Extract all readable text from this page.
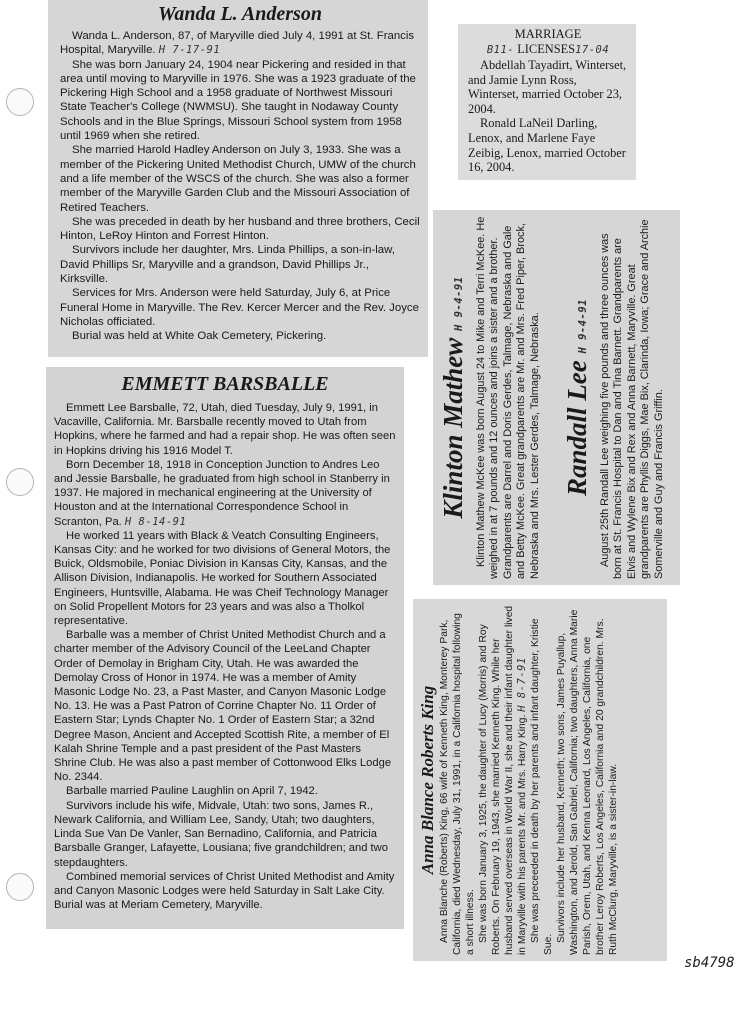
Wanda L. Anderson

Wanda L. Anderson, 87, of Maryville died July 4, 1991 at St. Francis Hospital, Maryville. H 7-17-91

She was born January 24, 1904 near Pickering and resided in that area until moving to Maryville in 1976. She was a 1923 graduate of the Pickering High School and a 1958 graduate of Northwest Missouri State Teacher's College (NWMSU). She taught in Nodaway County Schools and in the Blue Springs, Missouri School system from 1958 until 1969 when she retired.

She married Harold Hadley Anderson on July 3, 1933. She was a member of the Pickering United Methodist Church, UMW of the church and a life member of the WSCS of the church. She was also a former member of the Maryville Garden Club and the Missouri Association of Retired Teachers.

She was preceded in death by her husband and three brothers, Cecil Hinton, LeRoy Hinton and Forrest Hinton.

Survivors include her daughter, Mrs. Linda Phillips, a son-in-law, David Phillips Sr, Maryville and a grandson, David Phillips Jr., Kirksville.

Services for Mrs. Anderson were held Saturday, July 6, at Price Funeral Home in Maryville. The Rev. Kercer Mercer and the Rev. Joyce Nicholas officiated.

Burial was held at White Oak Cemetery, Pickering.

EMMETT BARSBALLE

Emmett Lee Barsballe, 72, Utah, died Tuesday, July 9, 1991, in Vacaville, California. Mr. Barsballe recently moved to Utah from Hopkins, where he farmed and had a repair shop. He was often seen in Hopkins driving his 1916 Model T.

Born December 18, 1918 in Conception Junction to Andres Leo and Jessie Barsballe, he graduated from high school in Stanberry in 1937. He majored in mechanical engineering at the University of Houston and at the International Correspondence School in Scranton, Pa. H 8-14-91

He worked 11 years with Black & Veatch Consulting Engineers, Kansas City: and he worked for two divisions of General Motors, the Buick, Oldsmobile, Poniac Division in Kansas City, Kansas, and the Allison Division, Indianapolis. He worked for Southern Associated Engineers, Huntsville, Alabama. He was Cheif Technology Manager on Solid Propellent Motors for 23 years and was also a Tholkol representative.

Barballe was a member of Christ United Methodist Church and a charter member of the Advisory Council of the LeeLand Chapter Order of Demolay in Brigham City, Utah. He was awarded the Demolay Cross of Honor in 1974. He was a member of Amity Masonic Lodge No. 23, a Past Master, and Canyon Masonic Lodge No. 13. He was a Past Patron of Corrine Chapter No. 11 Order of Eastern Star; Lynds Chapter No. 1 Order of Eastern Star; a 32nd Degree Mason, Ancient and Accepted Scottish Rite, a member of El Kalah Shrine Temple and a past president of the Past Masters Shrine Club. He was also a past member of Cottonwood Elks Lodge No. 2344.

Barballe married Pauline Laughlin on April 7, 1942.

Survivors include his wife, Midvale, Utah: two sons, James R., Newark California, and William Lee, Sandy, Utah; two daughters, Linda Sue Van De Vanler, San Bernadino, California, and Patricia Barsballe Granger, Lafayette, Lousiana; five grandchildren; and two stepdaughters.

Combined memorial services of Christ United Methodist and Amity and Canyon Masonic Lodges were held Saturday in Salt Lake City. Burial was at Meriam Cemetery, Maryville.

MARRIAGE
B11- LICENSES17-04

Abdellah Tayadirt, Winterset, and Jamie Lynn Ross, Winterset, married October 23, 2004.

Ronald LaNeil Darling, Lenox, and Marlene Faye Zeibig, Lenox, married October 16, 2004.

Klinton Mathew H 9-4-91 Klinton Mathew McKee was born August 24 to Mike and Terri McKee. He weighed in at 7 pounds and 12 ounces and joins a sister and a brother. Grandparents are Darrel and Doris Gerdes, Talmage, Nebraska and Gale and Betty McKee. Great grandparents are Mr. and Mrs. Fred Piper, Brock, Nebraska and Mrs. Lester Gerdes, Talmage, Nebraska. Randall Lee H 9-4-91 August 25th Randall Lee weighing five pounds and three ounces was born at St. Francis Hospital to Dan and Tina Barnett. Grandparents are Elvis and Wylene Bix and Rex and Anna Barnett, Maryville. Great grandparents are Phyllis Diggs, Mae Bix, Clarinda, Iowa; Grace and Archie Somerville and Guy and Francis Griffin.

Anna Blance Roberts King Anna Blanche (Roberts) King, 66 wife of Kenneth King, Monterey Park, California, died Wednesday, July 31, 1991, in a California hospital following a short illness. She was born January 3, 1925, the daughter of Lucy (Morris) and Roy Roberts. On February 19, 1943, she married Kenneth King. While her husband served overseas in World War II, she and their infant daughter lived in Maryville with his parents Mr. and Mrs. Harry King. H 8-7-91 She was preceeded in death by her parents and infant daughter, Kristie Sue.

Survivors include her husband, Kenneth; two sons, James Puyallup, Washington, and Jerold, San Gabriel, California; two daughters, Anna Marie Parish, Orem, Utah, and Kenna Leonard, Los Angeles, California, one brother Leroy Roberts, Los Angeles, California and 20 grandchildren. Mrs. Ruth McClurg, Maryville, is a sister-in-law.

sb4798
